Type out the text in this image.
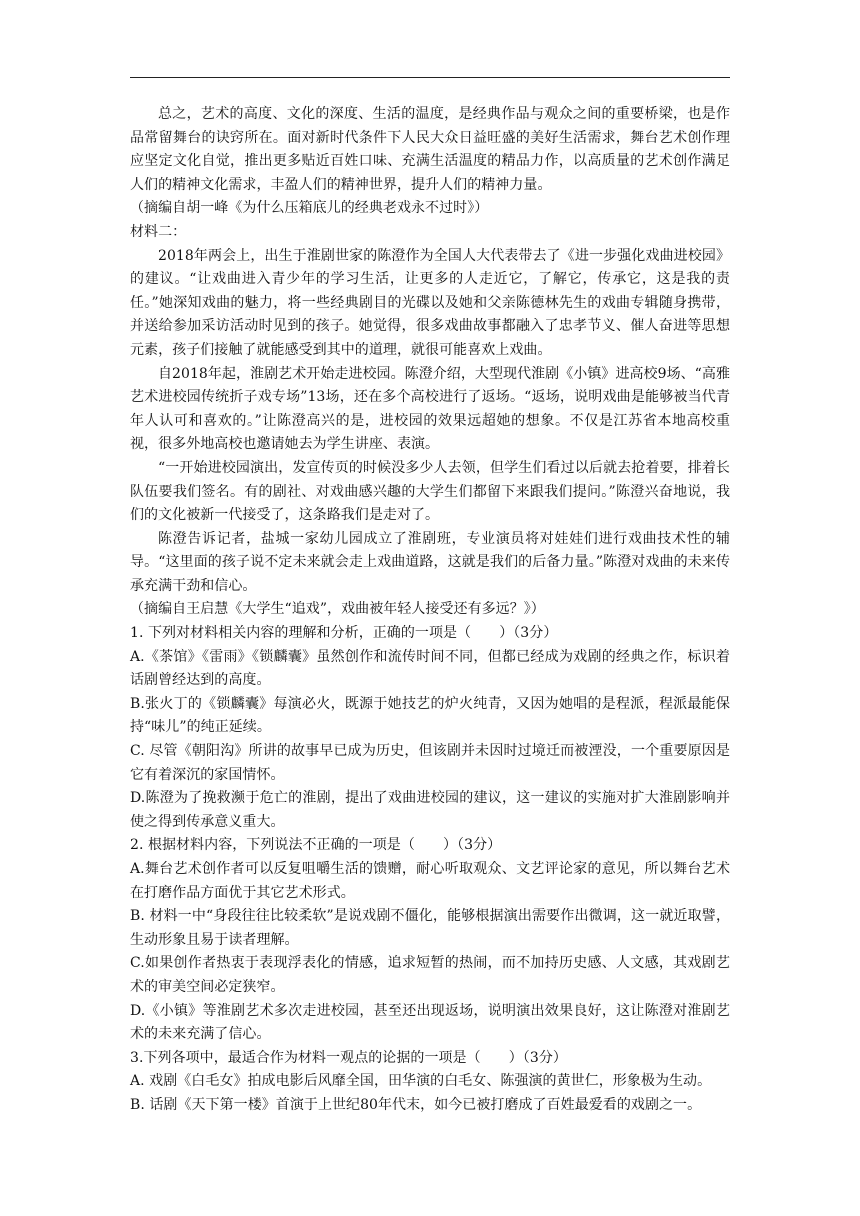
总之，艺术的高度、文化的深度、生活的温度，是经典作品与观众之间的重要桥梁，也是作品常留舞台的诀窍所在。面对新时代条件下人民大众日益旺盛的美好生活需求，舞台艺术创作理应坚定文化自觉，推出更多贴近百姓口味、充满生活温度的精品力作，以高质量的艺术创作满足人们的精神文化需求，丰盈人们的精神世界，提升人们的精神力量。

（摘编自胡一峰《为什么压箱底儿的经典老戏永不过时》）

材料二：

2018年两会上，出生于淮剧世家的陈澄作为全国人大代表带去了《进一步强化戏曲进校园》的建议。“让戏曲进入青少年的学习生活，让更多的人走近它，了解它，传承它，这是我的责任。”她深知戏曲的魅力，将一些经典剧目的光碟以及她和父亲陈德林先生的戏曲专辑随身携带，并送给参加采访活动时见到的孩子。她觉得，很多戏曲故事都融入了忠孝节义、催人奋进等思想元素，孩子们接触了就能感受到其中的道理，就很可能喜欢上戏曲。

自2018年起，淮剧艺术开始走进校园。陈澄介绍，大型现代淮剧《小镇》进高校9场、“高雅艺术进校园传统折子戏专场”13场，还在多个高校进行了返场。“返场，说明戏曲是能够被当代青年人认可和喜欢的。”让陈澄高兴的是，进校园的效果远超她的想象。不仅是江苏省本地高校重视，很多外地高校也邀请她去为学生讲座、表演。

“一开始进校园演出，发宣传页的时候没多少人去领，但学生们看过以后就去抢着要，排着长队伍要我们签名。有的剧社、对戏曲感兴趣的大学生们都留下来跟我们提问。”陈澄兴奋地说，我们的文化被新一代接受了，这条路我们是走对了。

陈澄告诉记者，盐城一家幼儿园成立了淮剧班，专业演员将对娃娃们进行戏曲技术性的辅导。“这里面的孩子说不定未来就会走上戏曲道路，这就是我们的后备力量。”陈澄对戏曲的未来传承充满干劲和信心。

（摘编自王启慧《大学生“追戏”，戏曲被年轻人接受还有多远？》）

1. 下列对材料相关内容的理解和分析，正确的一项是（　　）（3分）

A.《茶馆》《雷雨》《锁麟囊》虽然创作和流传时间不同，但都已经成为戏剧的经典之作，标识着话剧曾经达到的高度。

B.张火丁的《锁麟囊》每演必火，既源于她技艺的炉火纯青，又因为她唱的是程派，程派最能保持“味儿”的纯正延续。

C. 尽管《朝阳沟》所讲的故事早已成为历史，但该剧并未因时过境迁而被湮没，一个重要原因是它有着深沉的家国情怀。

D.陈澄为了挽救濒于危亡的淮剧，提出了戏曲进校园的建议，这一建议的实施对扩大淮剧影响并使之得到传承意义重大。

2. 根据材料内容，下列说法不正确的一项是（　　）（3分）

A.舞台艺术创作者可以反复咀嚼生活的馈赠，耐心听取观众、文艺评论家的意见，所以舞台艺术在打磨作品方面优于其它艺术形式。

B. 材料一中“身段往往比较柔软”是说戏剧不僵化，能够根据演出需要作出微调，这一就近取譬，生动形象且易于读者理解。

C.如果创作者热衷于表现浮表化的情感，追求短暂的热闹，而不加持历史感、人文感，其戏剧艺术的审美空间必定狭窄。

D.《小镇》等淮剧艺术多次走进校园，甚至还出现返场，说明演出效果良好，这让陈澄对淮剧艺术的未来充满了信心。

3.下列各项中，最适合作为材料一观点的论据的一项是（　　）（3分）

A. 戏剧《白毛女》拍成电影后风靡全国，田华演的白毛女、陈强演的黄世仁，形象极为生动。

B. 话剧《天下第一楼》首演于上世纪80年代末，如今已被打磨成了百姓最爱看的戏剧之一。
